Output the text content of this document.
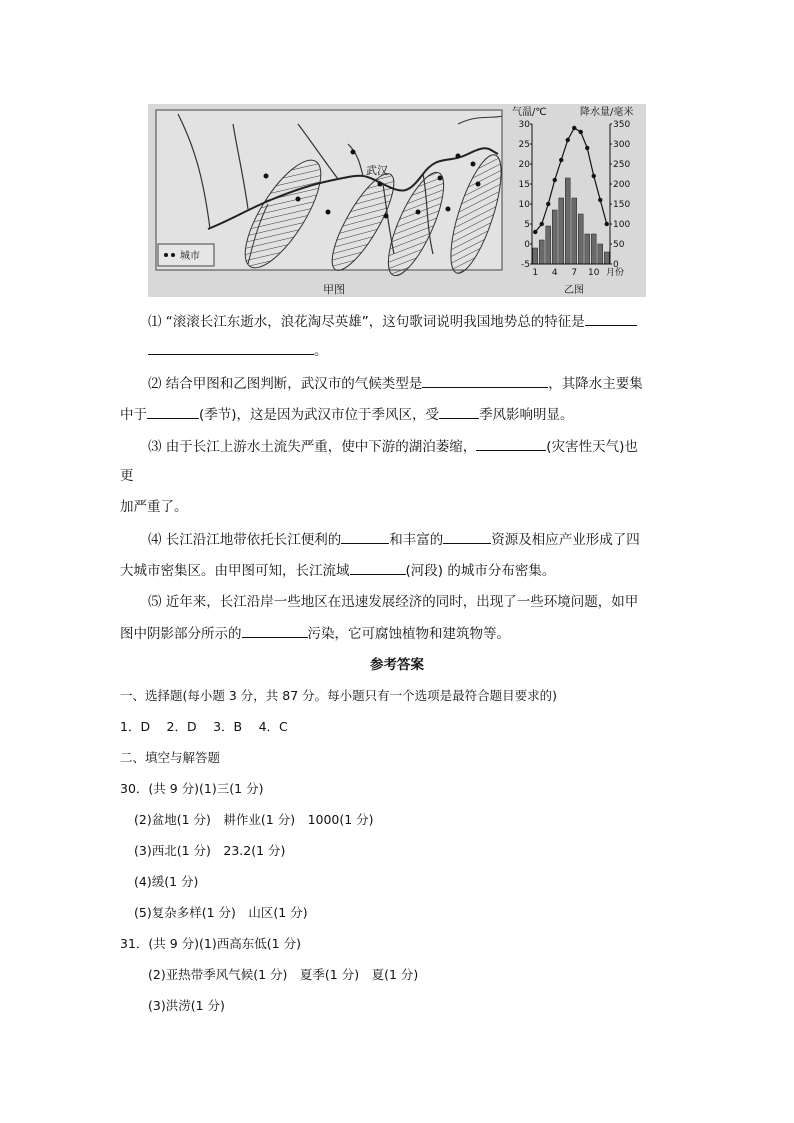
城市
武汉
甲图
气温/℃	降水量/毫米
30
25
20
15
10
5
0
-5
350
300
250
200
150
100
50
0
1 4 7 10 月份
乙图
⑴ “滚滚长江东逝水，浪花淘尽英雄”，这句歌词说明我国地势总的特征是
。
⑵ 结合甲图和乙图判断，武汉市的气候类型是	，其降水主要集
中于	(季节)，这是因为武汉市位于季风区，受	季风影响明显。
⑶ 由于长江上游水土流失严重，使中下游的湖泊萎缩，	(灾害性天气)也
更
加严重了。
⑷ 长江沿江地带依托长江便利的	和丰富的	资源及相应产业形成了四
大城市密集区。由甲图可知，长江流域	(河段) 的城市分布密集。
⑸ 近年来，长江沿岸一些地区在迅速发展经济的同时，出现了一些环境问题，如甲
图中阴影部分所示的	污染，它可腐蚀植物和建筑物等。
参考答案
一、选择题(每小题 3 分，共 87 分。每小题只有一个选项是最符合题目要求的)
1．D　 2．D　 3．B　 4．C
二、填空与解答题
30．(共 9 分)(1)三(1 分)
(2)盆地(1 分)　耕作业(1 分)　1000(1 分)
(3)西北(1 分)　23.2(1 分)
(4)缓(1 分)
(5)复杂多样(1 分)　山区(1 分)
31．(共 9 分)(1)西高东低(1 分)
(2)亚热带季风气候(1 分)　夏季(1 分)　夏(1 分)
(3)洪涝(1 分)
